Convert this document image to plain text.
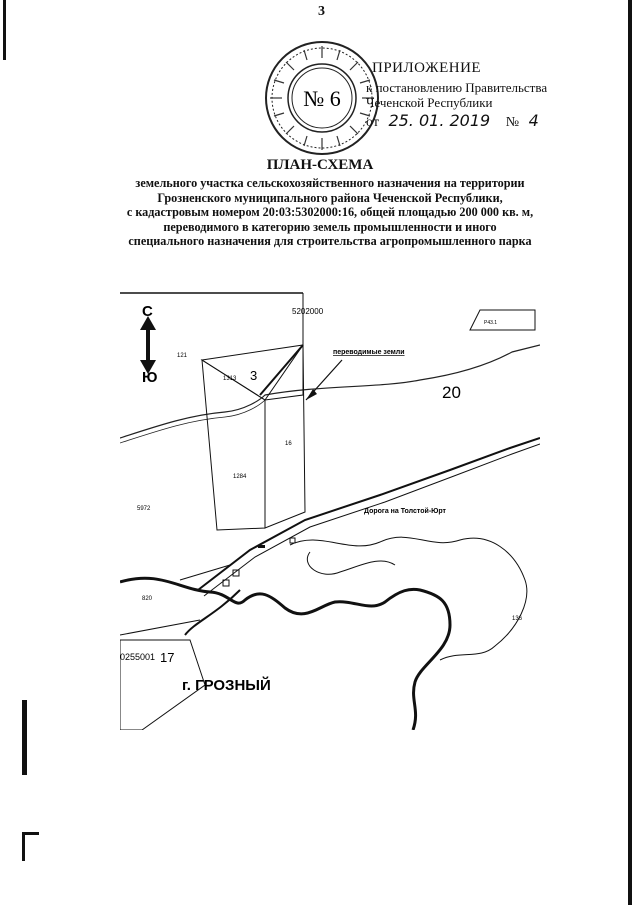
3
№ 6
ПРИЛОЖЕНИЕ
к постановлению Правительства
Чеченской Республики
от 25. 01. 2019 № 4
ПЛАН-СХЕМА
земельного участка сельскохозяйственного назначения на территории
Грозненского муниципального района Чеченской Республики,
с кадастровым номером 20:03:5302000:16, общей площадью 200 000 кв. м,
переводимого в категорию земель промышленности и иного
специального назначения для строительства агропромышленного парка
С
Ю	3
1313
1284
121
16
5972
820
136
5202000
Р43.1
переводимые земли
20
Дорога на Толстой-Юрт
17
0255001
г. ГРОЗНЫЙ
